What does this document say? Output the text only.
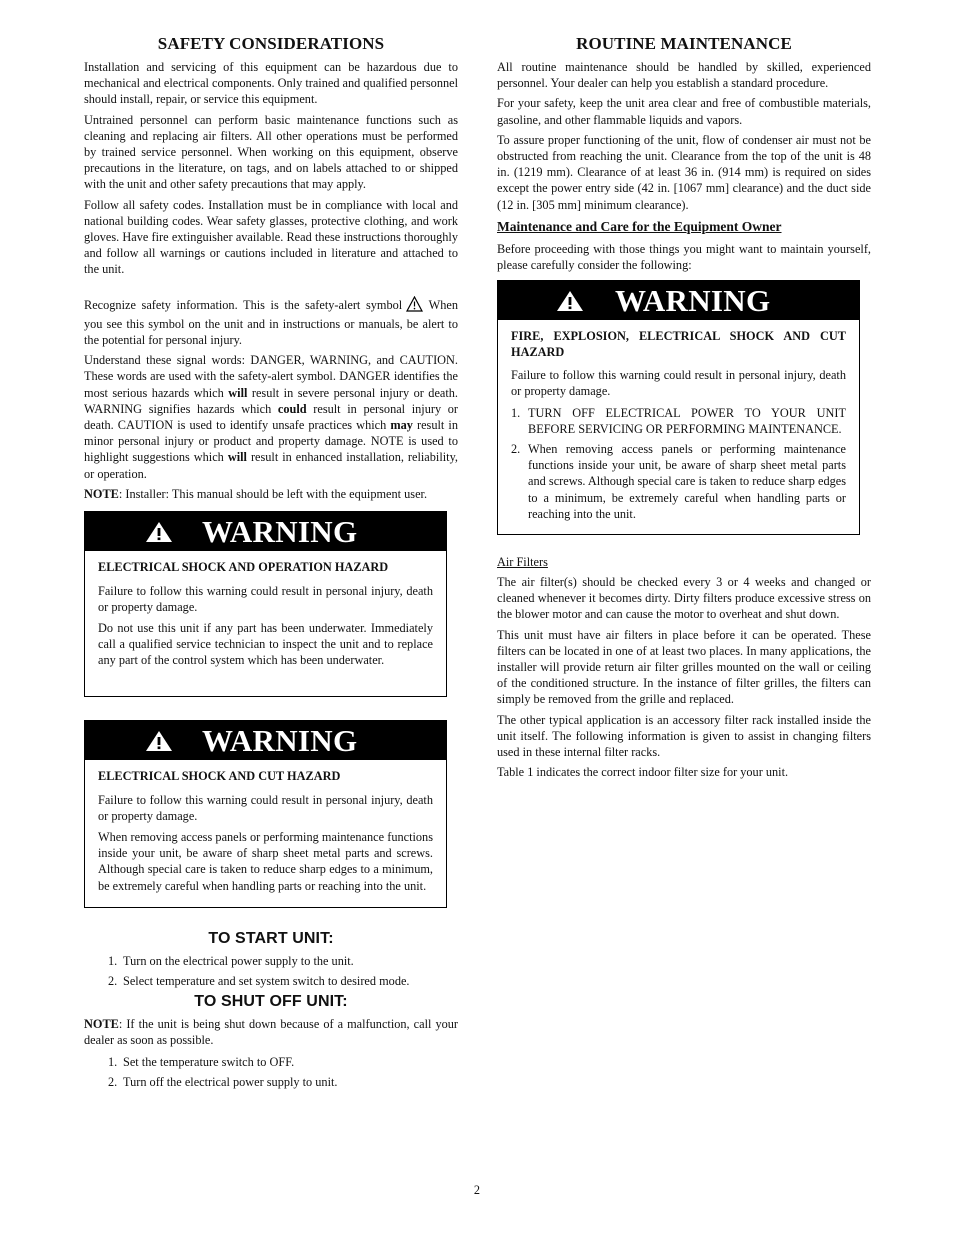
SAFETY CONSIDERATIONS

Installation and servicing of this equipment can be hazardous due to mechanical and electrical components. Only trained and qualified personnel should install, repair, or service this equipment.

Untrained personnel can perform basic maintenance functions such as cleaning and replacing air filters. All other operations must be performed by trained service personnel. When working on this equipment, observe precautions in the literature, on tags, and on labels attached to or shipped with the unit and other safety precautions that may apply.

Follow all safety codes. Installation must be in compliance with local and national building codes. Wear safety glasses, protective clothing, and work gloves. Have fire extinguisher available. Read these instructions thoroughly and follow all warnings or cautions included in literature and attached to the unit.

Recognize safety information. This is the safety-alert symbol When you see this symbol on the unit and in instructions or manuals, be alert to the potential for personal injury.

Understand these signal words: DANGER, WARNING, and CAUTION. These words are used with the safety-alert symbol. DANGER identifies the most serious hazards which will result in severe personal injury or death. WARNING signifies hazards which could result in personal injury or death. CAUTION is used to identify unsafe practices which may result in minor personal injury or product and property damage. NOTE is used to highlight suggestions which will result in enhanced installation, reliability, or operation.

NOTE: Installer: This manual should be left with the equipment user.

WARNING
ELECTRICAL SHOCK AND OPERATION HAZARD

Failure to follow this warning could result in personal injury, death or property damage.

Do not use this unit if any part has been underwater. Immediately call a qualified service technician to inspect the unit and to replace any part of the control system which has been underwater.

WARNING
ELECTRICAL SHOCK AND CUT HAZARD

Failure to follow this warning could result in personal injury, death or property damage.

When removing access panels or performing maintenance functions inside your unit, be aware of sharp sheet metal parts and screws. Although special care is taken to reduce sharp edges to a minimum, be extremely careful when handling parts or reaching into the unit.

TO START UNIT:
1. Turn on the electrical power supply to the unit.
2. Select temperature and set system switch to desired mode.
TO SHUT OFF UNIT:

NOTE: If the unit is being shut down because of a malfunction, call your dealer as soon as possible.

1. Set the temperature switch to OFF.
2. Turn off the electrical power supply to unit.
ROUTINE MAINTENANCE

All routine maintenance should be handled by skilled, experienced personnel. Your dealer can help you establish a standard procedure.

For your safety, keep the unit area clear and free of combustible materials, gasoline, and other flammable liquids and vapors.

To assure proper functioning of the unit, flow of condenser air must not be obstructed from reaching the unit. Clearance from the top of the unit is 48 in. (1219 mm). Clearance of at least 36 in. (914 mm) is required on sides except the power entry side (42 in. [1067 mm] clearance) and the duct side (12 in. [305 mm] minimum clearance).

Maintenance and Care for the Equipment Owner

Before proceeding with those things you might want to maintain yourself, please carefully consider the following:

WARNING
FIRE, EXPLOSION, ELECTRICAL SHOCK AND CUT HAZARD

Failure to follow this warning could result in personal injury, death or property damage.

1. TURN OFF ELECTRICAL POWER TO YOUR UNIT BEFORE SERVICING OR PERFORMING MAINTENANCE.
2. When removing access panels or performing maintenance functions inside your unit, be aware of sharp sheet metal parts and screws. Although special care is taken to reduce sharp edges to a minimum, be extremely careful when handling parts or reaching into the unit.
Air Filters

The air filter(s) should be checked every 3 or 4 weeks and changed or cleaned whenever it becomes dirty. Dirty filters produce excessive stress on the blower motor and can cause the motor to overheat and shut down.

This unit must have air filters in place before it can be operated. These filters can be located in one of at least two places. In many applications, the installer will provide return air filter grilles mounted on the wall or ceiling of the conditioned structure. In the instance of filter grilles, the filters can simply be removed from the grille and replaced.

The other typical application is an accessory filter rack installed inside the unit itself. The following information is given to assist in changing filters used in these internal filter racks.

Table 1 indicates the correct indoor filter size for your unit.

2
